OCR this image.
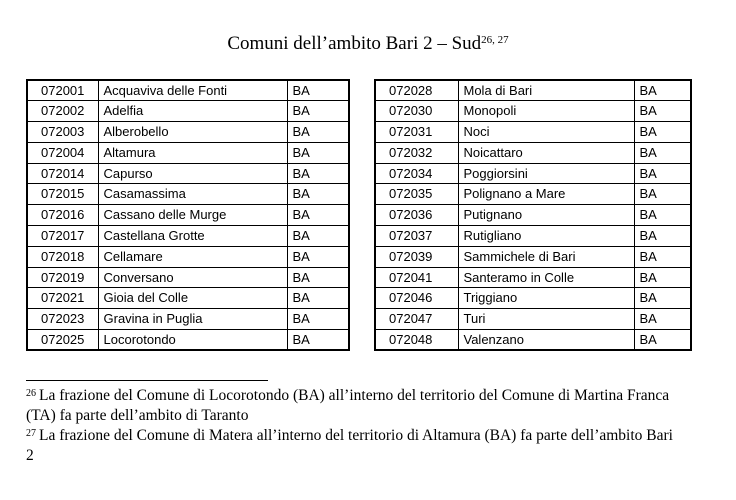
Comuni dell’ambito Bari 2 – Sud$^{26, 27}$
072001	Acquaviva delle Fonti	BA
072002	Adelfia	BA
072003	Alberobello	BA
072004	Altamura	BA
072014	Capurso	BA
072015	Casamassima	BA
072016	Cassano delle Murge	BA
072017	Castellana Grotte	BA
072018	Cellamare	BA
072019	Conversano	BA
072021	Gioia del Colle	BA
072023	Gravina in Puglia	BA
072025	Locorotondo	BA
072028	Mola di Bari	BA
072030	Monopoli	BA
072031	Noci	BA
072032	Noicattaro	BA
072034	Poggiorsini	BA
072035	Polignano a Mare	BA
072036	Putignano	BA
072037	Rutigliano	BA
072039	Sammichele di Bari	BA
072041	Santeramo in Colle	BA
072046	Triggiano	BA
072047	Turi	BA
072048	Valenzano	BA

$^{26}$ La frazione del Comune di Locorotondo (BA) all’interno del territorio del Comune di Martina Franca (TA) fa parte dell’ambito di Taranto

$^{27}$ La frazione del Comune di Matera all’interno del territorio di Altamura (BA) fa parte dell’ambito Bari 2
